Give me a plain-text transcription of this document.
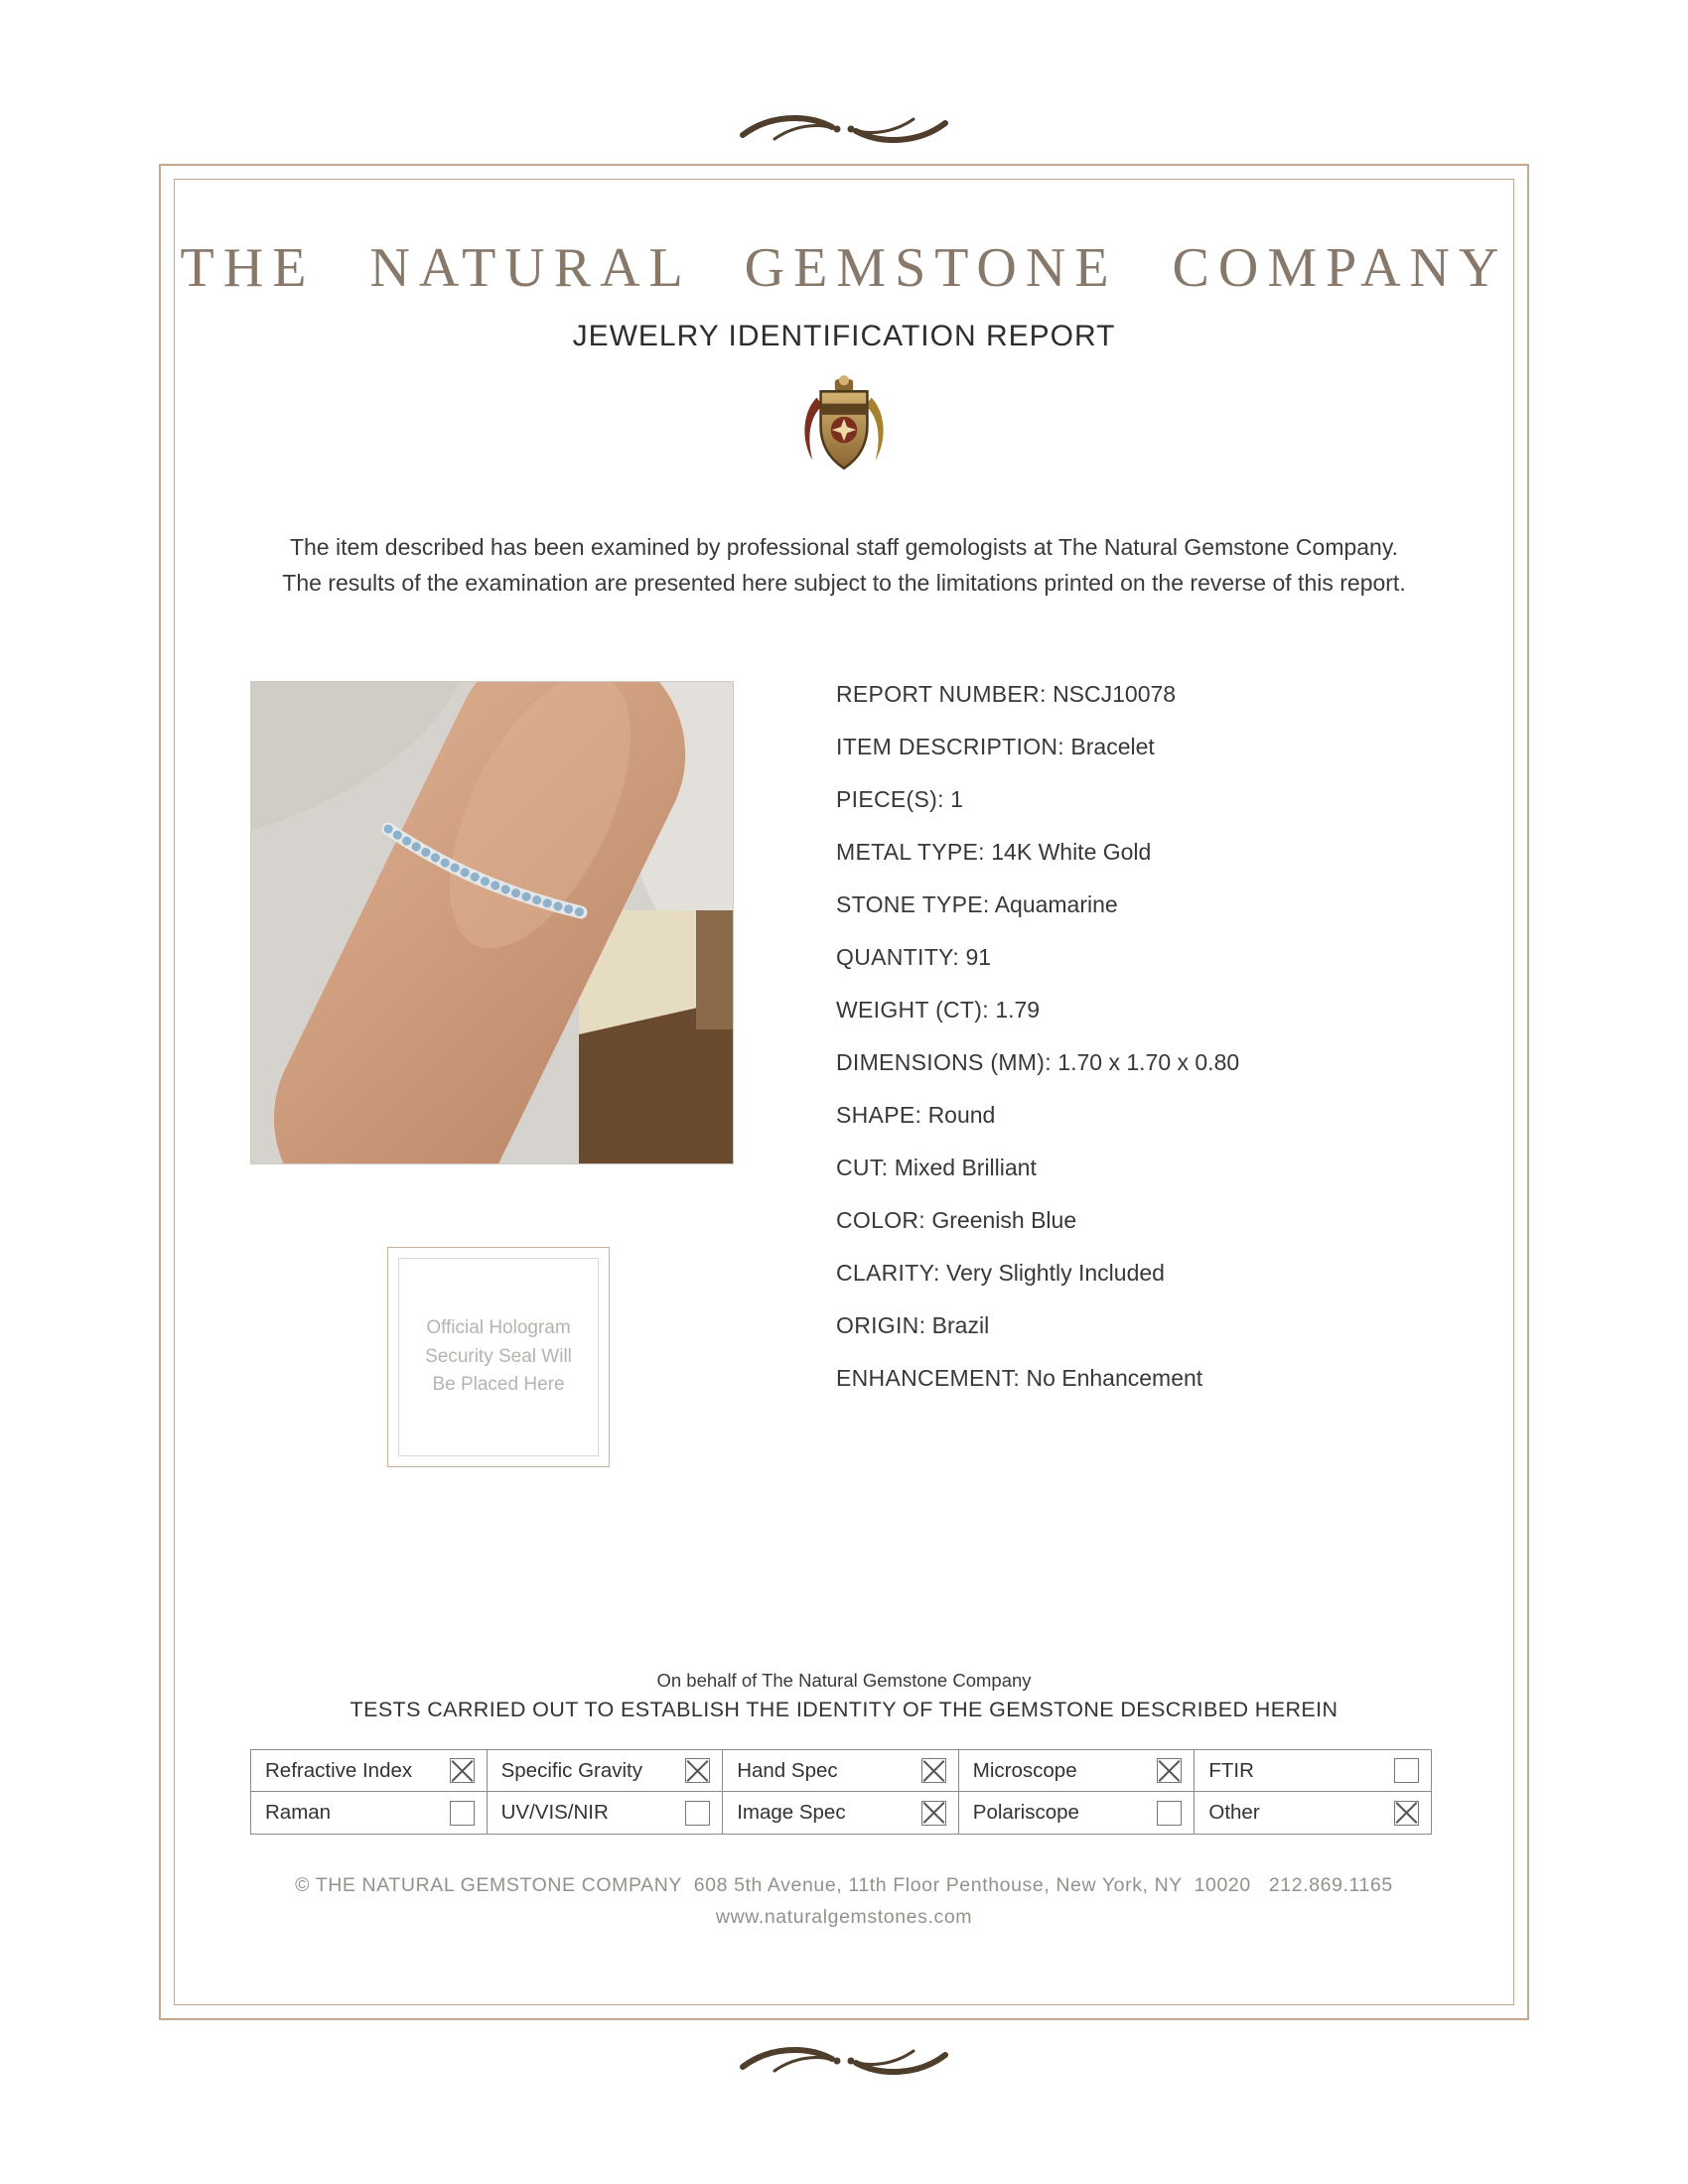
THE NATURAL GEMSTONE COMPANY
JEWELRY IDENTIFICATION REPORT

The item described has been examined by professional staff gemologists at The Natural Gemstone Company.
The results of the examination are presented here subject to the limitations printed on the reverse of this report.

REPORT NUMBER: NSCJ10078
ITEM DESCRIPTION: Bracelet
PIECE(S): 1
METAL TYPE: 14K White Gold
STONE TYPE: Aquamarine
QUANTITY: 91
WEIGHT (CT): 1.79
DIMENSIONS (MM): 1.70 x 1.70 x 0.80
SHAPE: Round
CUT: Mixed Brilliant
COLOR: Greenish Blue
CLARITY: Very Slightly Included
ORIGIN: Brazil
ENHANCEMENT: No Enhancement
Official Hologram
Security Seal Will
Be Placed Here
On behalf of The Natural Gemstone Company
TESTS CARRIED OUT TO ESTABLISH THE IDENTITY OF THE GEMSTONE DESCRIBED HEREIN
Refractive Index	Specific Gravity	Hand Spec	Microscope	FTIR
Raman	UV/VIS/NIR	Image Spec	Polariscope	Other
© THE NATURAL GEMSTONE COMPANY  608 5th Avenue, 11th Floor Penthouse, New York, NY  10020   212.869.1165
www.naturalgemstones.com
